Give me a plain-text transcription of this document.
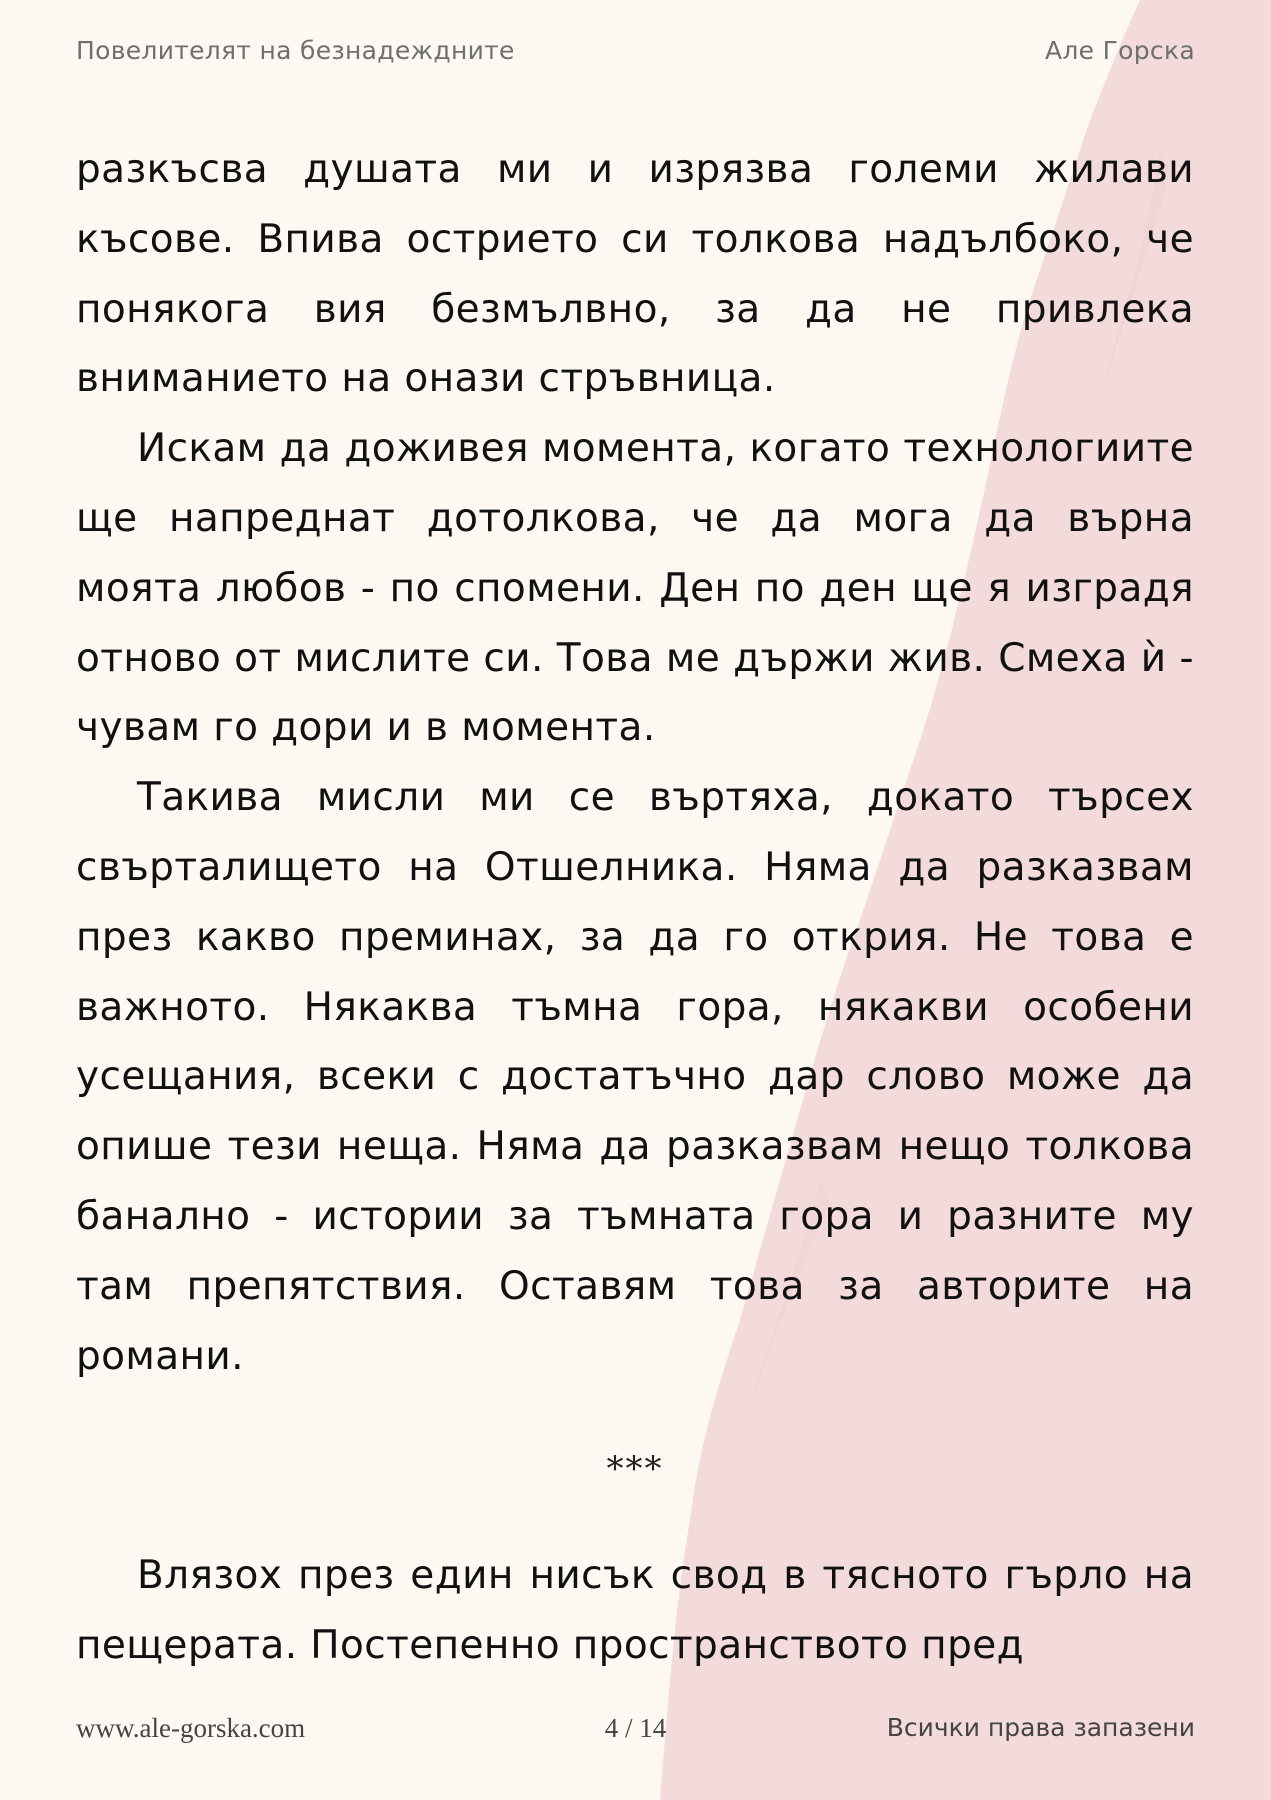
Повелителят на безнадеждните	Але Горска

разкъсва душата ми и изрязва големи жилави късове. Впива острието си толкова надълбоко, че понякога вия безмълвно, за да не привлека вниманието на онази стръвница.

Искам да доживея момента, когато технологиите ще напреднат дотолкова, че да мога да върна моята любов - по спомени. Ден по ден ще я изградя отново от мислите си. Това ме държи жив. Смеха ѝ - чувам го дори и в момента.

Такива мисли ми се въртяха, докато търсех свърталището на Отшелника. Няма да разказвам през какво преминах, за да го открия. Не това е важното. Някаква тъмна гора, някакви особени усещания, всеки с достатъчно дар слово може да опише тези неща. Няма да разказвам нещо толкова банално - истории за тъмната гора и разните му там препятствия. Оставям това за авторите на романи.

***

Влязох през един нисък свод в тясното гърло на пещерата. Постепенно пространството пред

www.ale-gorska.com	4 / 14	Всички права запазени
